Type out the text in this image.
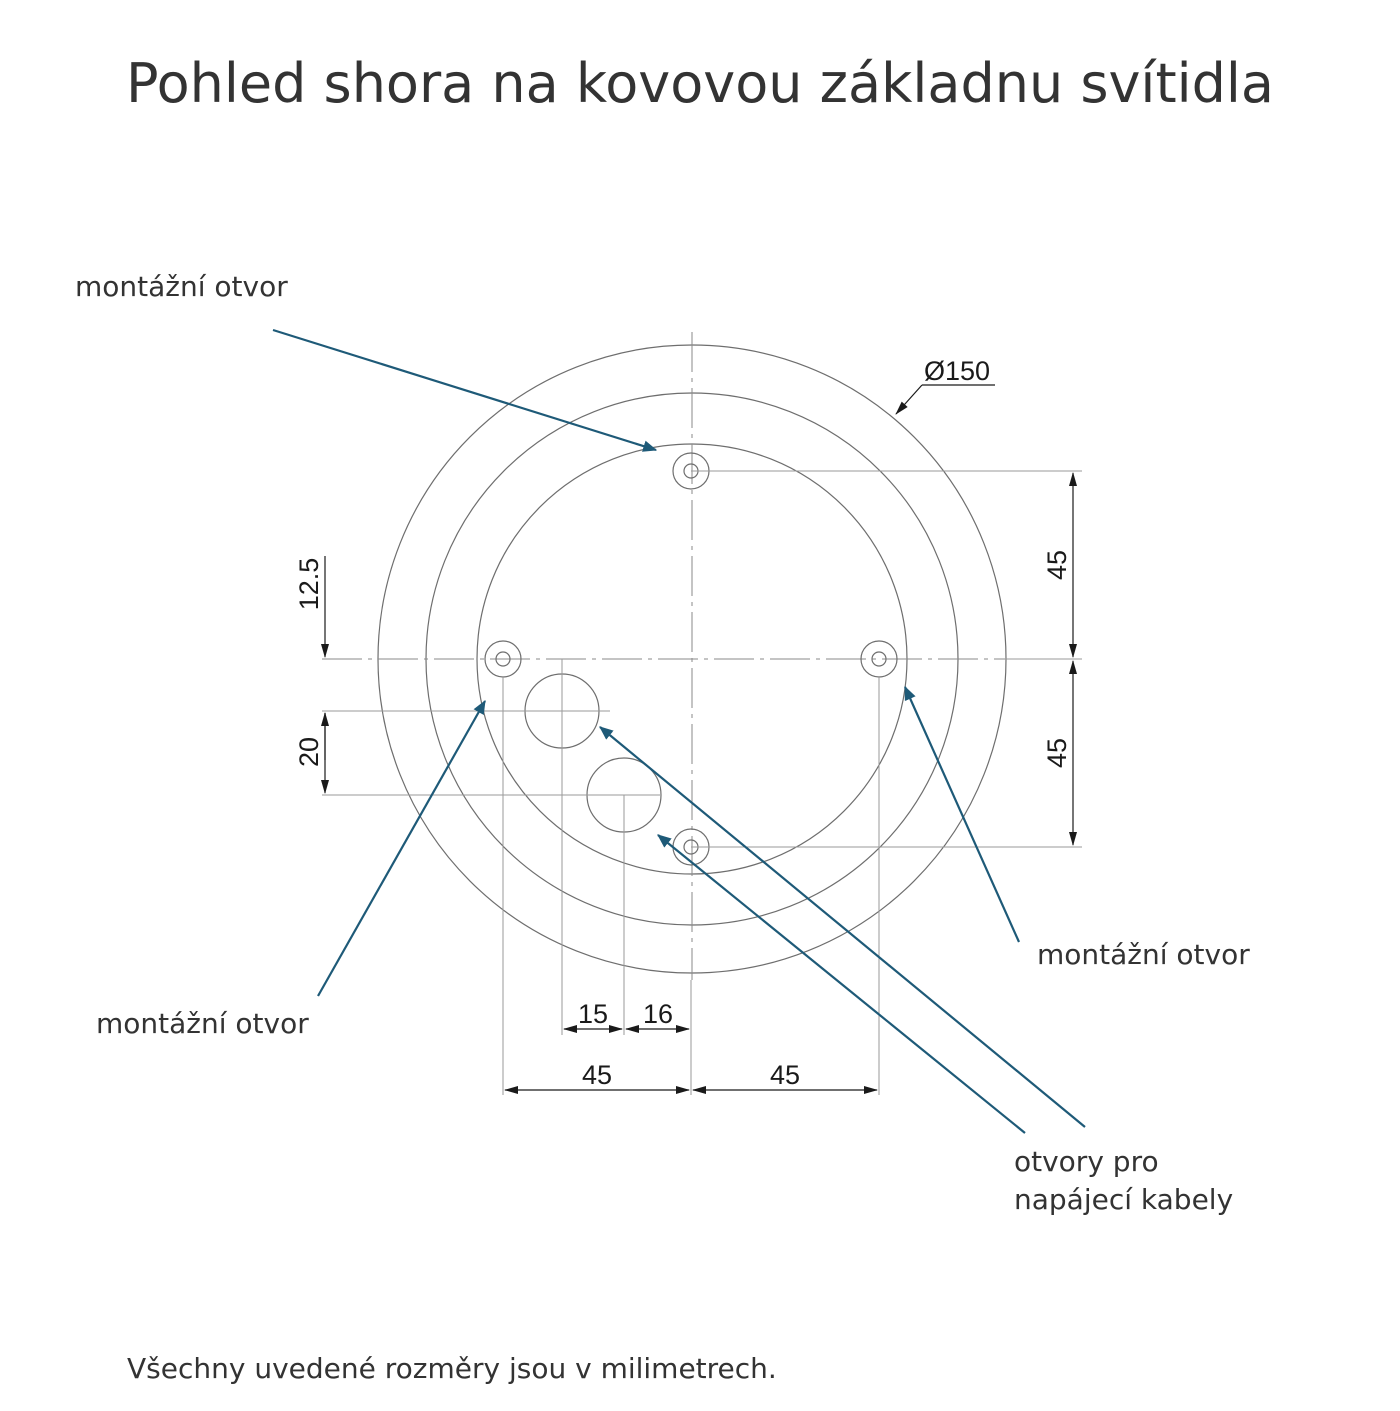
Pohled shora na kovovou základnu svítidla
Ø150
45
45
12.5
20
15 16
45	45
montážní otvor
montážní otvor
montážní otvor
otvory pro
napájecí kabely
Všechny uvedené rozměry jsou v milimetrech.
